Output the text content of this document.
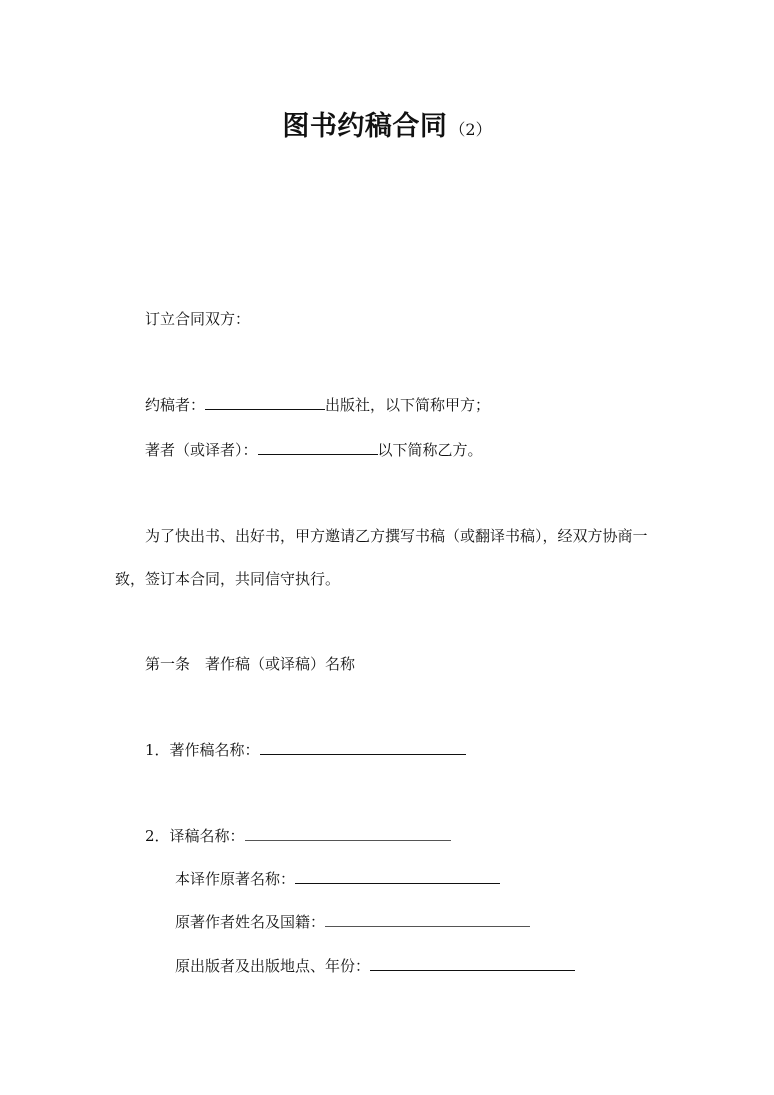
图书约稿合同 （2）
订立合同双方：
约稿者：	出版社，以下简称甲方；
著者（或译者）：	以下简称乙方。
为了快出书、出好书，甲方邀请乙方撰写书稿（或翻译书稿），经双方协商一
致，签订本合同，共同信守执行。
第一条　著作稿（或译稿）名称
1．著作稿名称：
2．译稿名称：
本译作原著名称：
原著作者姓名及国籍：
原出版者及出版地点、年份：
